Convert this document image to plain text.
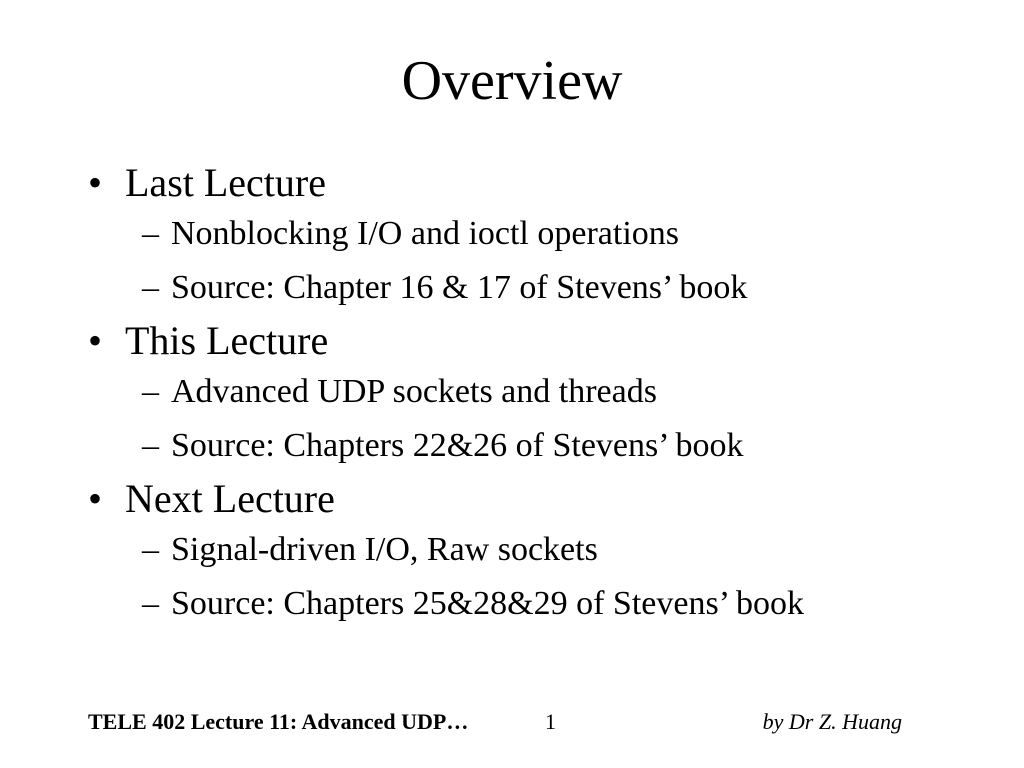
Overview
• Last Lecture
– Nonblocking I/O and ioctl operations
– Source: Chapter 16 & 17 of Stevens’ book
• This Lecture
– Advanced UDP sockets and threads
– Source: Chapters 22&26 of Stevens’ book
• Next Lecture
– Signal-driven I/O, Raw sockets
– Source: Chapters 25&28&29 of Stevens’ book
TELE 402 Lecture 11: Advanced UDP…	1	by Dr Z. Huang
